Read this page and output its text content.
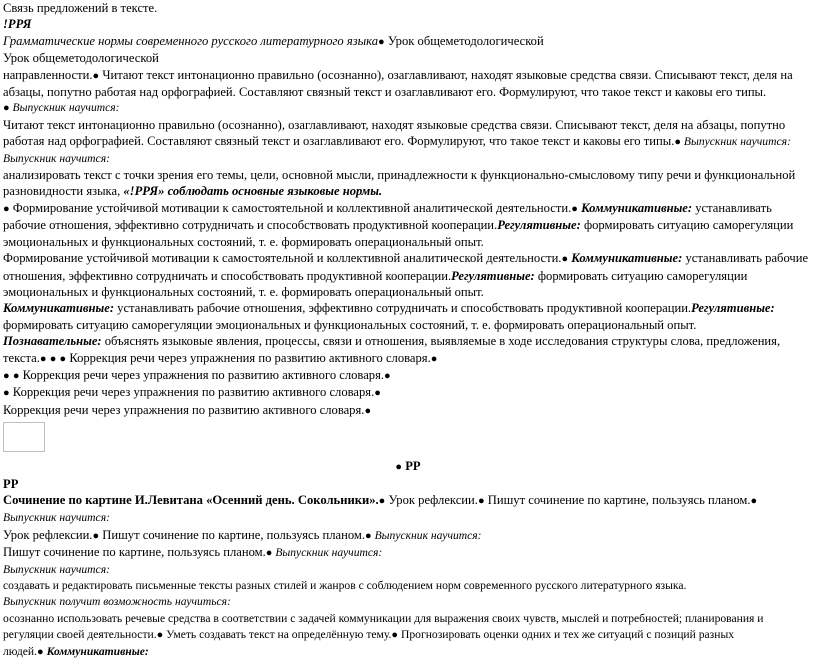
Связь предложений в тексте.

!РРЯ

Грамматические нормы современного русского литературного языка● Урок общеметодологической

Урок общеметодологической

направленности.● Читают текст интонационно правильно (осознанно), озаглавливают, находят языковые средства связи. Списывают текст, деля на абзацы, попутно работая над орфографией. Составляют связный текст и озаглавливают его. Формулируют, что такое текст и каковы его типы.

● Выпускник научится:

Читают текст интонационно правильно (осознанно), озаглавливают, находят языковые средства связи. Списывают текст, деля на абзацы, попутно работая над орфографией. Составляют связный текст и озаглавливают его. Формулируют, что такое текст и каковы его типы.● Выпускник научится:

Выпускник научится:

анализировать текст с точки зрения его темы, цели, основной мысли, принадлежности к функционально-смысловому типу речи и функциональной разновидности языка, «!РРЯ» соблюдать основные языковые нормы.

● Формирование устойчивой мотивации к самостоятельной и коллективной аналитической деятельности.● Коммуникативные: устанавливать рабочие отношения, эффективно сотрудничать и способствовать продуктивной кооперации.Регулятивные: формировать ситуацию саморегуляции эмоциональных и функциональных состояний, т. е. формировать операциональный опыт.

Формирование устойчивой мотивации к самостоятельной и коллективной аналитической деятельности.● Коммуникативные: устанавливать рабочие отношения, эффективно сотрудничать и способствовать продуктивной кооперации.Регулятивные: формировать ситуацию саморегуляции эмоциональных и функциональных состояний, т. е. формировать операциональный опыт.

Коммуникативные: устанавливать рабочие отношения, эффективно сотрудничать и способствовать продуктивной кооперации.Регулятивные: формировать ситуацию саморегуляции эмоциональных и функциональных состояний, т. е. формировать операциональный опыт.

Познавательные: объяснять языковые явления, процессы, связи и отношения, выявляемые в ходе исследования структуры слова, предложения, текста.● ● ● Коррекция речи через упражнения по развитию активного словаря.●

● ● Коррекция речи через упражнения по развитию активного словаря.●

● Коррекция речи через упражнения по развитию активного словаря.●

Коррекция речи через упражнения по развитию активного словаря.●

● РР

РР

Сочинение по картине И.Левитана «Осенний день. Сокольники».● Урок рефлексии.● Пишут сочинение по картине, пользуясь планом.● Выпускник научится:

Урок рефлексии.● Пишут сочинение по картине, пользуясь планом.● Выпускник научится:

Пишут сочинение по картине, пользуясь планом.● Выпускник научится:

Выпускник научится:

создавать и редактировать письменные тексты разных стилей и жанров с соблюдением норм современного русского литературного языка.

Выпускник получит возможность научиться:

осознанно использовать речевые средства в соответствии с задачей коммуникации для выражения своих чувств, мыслей и потребностей; планирования и регуляции своей деятельности.● Уметь создавать текст на определённую тему.● Прогнозировать оценки одних и тех же ситуаций с позиций разных

людей.● Коммуникативные:
